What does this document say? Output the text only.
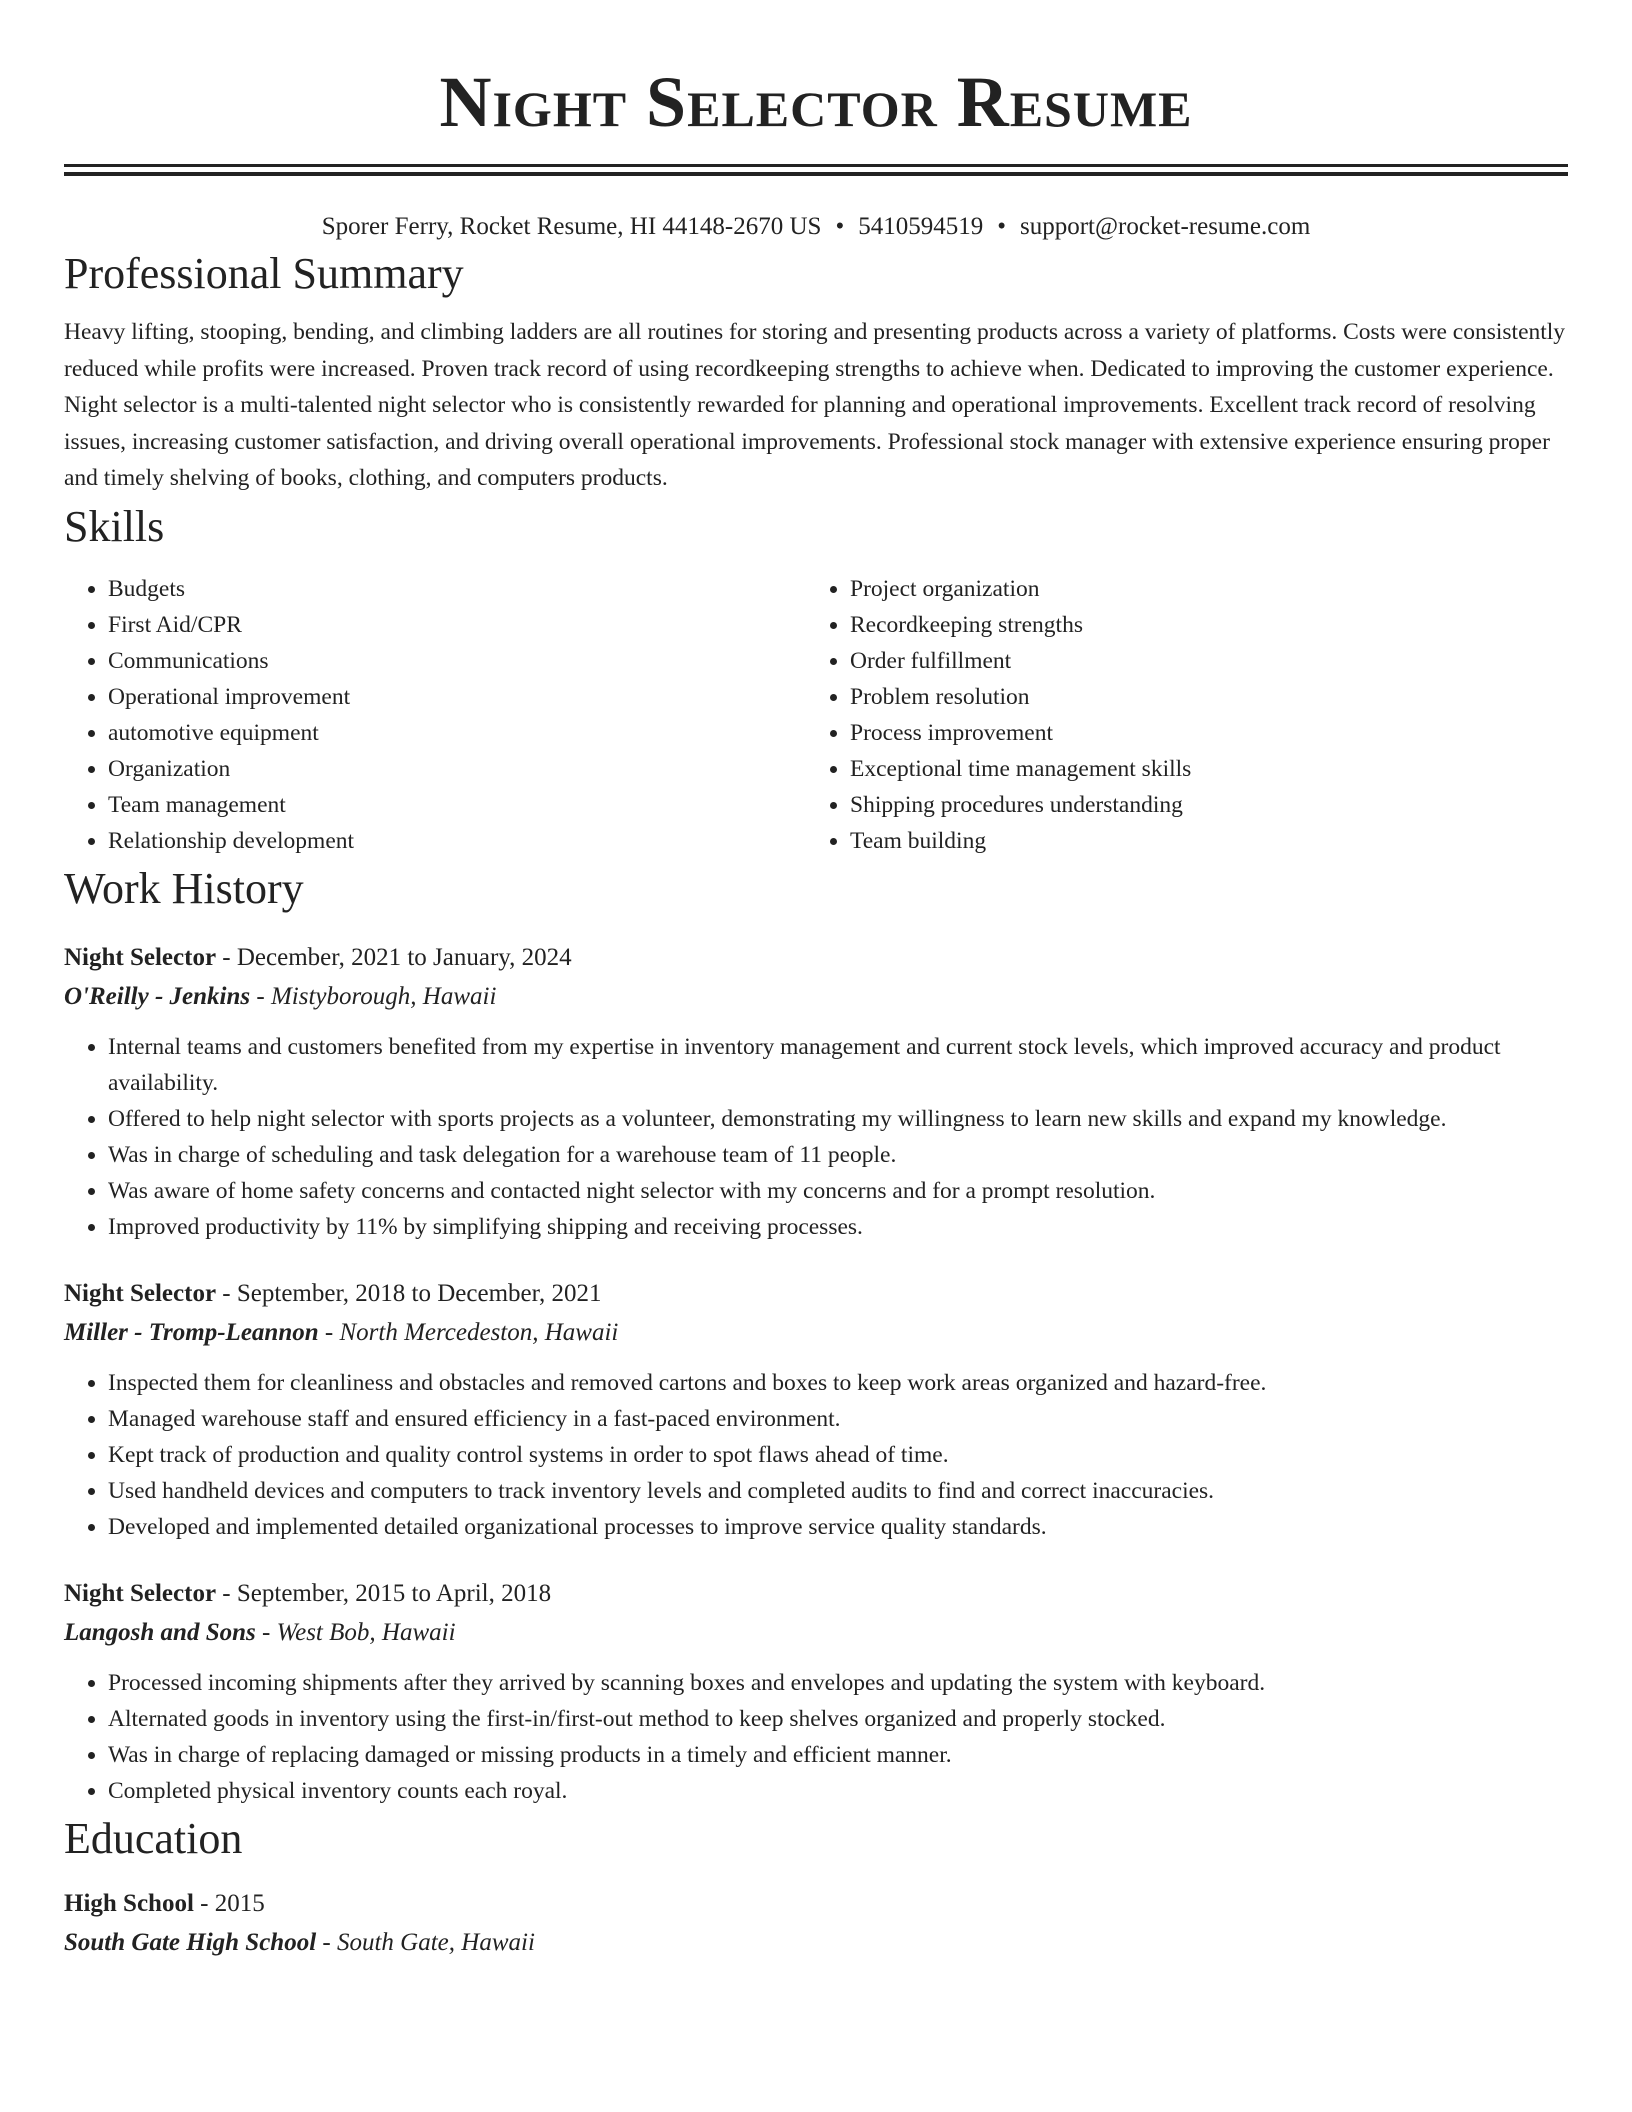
Night Selector Resume
Sporer Ferry, Rocket Resume, HI 44148-2670 US • 5410594519 • support@rocket-resume.com
Professional Summary

Heavy lifting, stooping, bending, and climbing ladders are all routines for storing and presenting products across a variety of platforms. Costs were consistently reduced while profits were increased. Proven track record of using recordkeeping strengths to achieve when. Dedicated to improving the customer experience. Night selector is a multi-talented night selector who is consistently rewarded for planning and operational improvements. Excellent track record of resolving issues, increasing customer satisfaction, and driving overall operational improvements. Professional stock manager with extensive experience ensuring proper and timely shelving of books, clothing, and computers products.

Skills
• Budgets
• First Aid/CPR
• Communications
• Operational improvement
• automotive equipment
• Organization
• Team management
• Relationship development
• Project organization
• Recordkeeping strengths
• Order fulfillment
• Problem resolution
• Process improvement
• Exceptional time management skills
• Shipping procedures understanding
• Team building
Work History
Night Selector - December, 2021 to January, 2024
O'Reilly - Jenkins - Mistyborough, Hawaii
• Internal teams and customers benefited from my expertise in inventory management and current stock levels, which improved accuracy and product availability.
• Offered to help night selector with sports projects as a volunteer, demonstrating my willingness to learn new skills and expand my knowledge.
• Was in charge of scheduling and task delegation for a warehouse team of 11 people.
• Was aware of home safety concerns and contacted night selector with my concerns and for a prompt resolution.
• Improved productivity by 11% by simplifying shipping and receiving processes.
Night Selector - September, 2018 to December, 2021
Miller - Tromp-Leannon - North Mercedeston, Hawaii
• Inspected them for cleanliness and obstacles and removed cartons and boxes to keep work areas organized and hazard-free.
• Managed warehouse staff and ensured efficiency in a fast-paced environment.
• Kept track of production and quality control systems in order to spot flaws ahead of time.
• Used handheld devices and computers to track inventory levels and completed audits to find and correct inaccuracies.
• Developed and implemented detailed organizational processes to improve service quality standards.
Night Selector - September, 2015 to April, 2018
Langosh and Sons - West Bob, Hawaii
• Processed incoming shipments after they arrived by scanning boxes and envelopes and updating the system with keyboard.
• Alternated goods in inventory using the first-in/first-out method to keep shelves organized and properly stocked.
• Was in charge of replacing damaged or missing products in a timely and efficient manner.
• Completed physical inventory counts each royal.
Education
High School - 2015
South Gate High School - South Gate, Hawaii
